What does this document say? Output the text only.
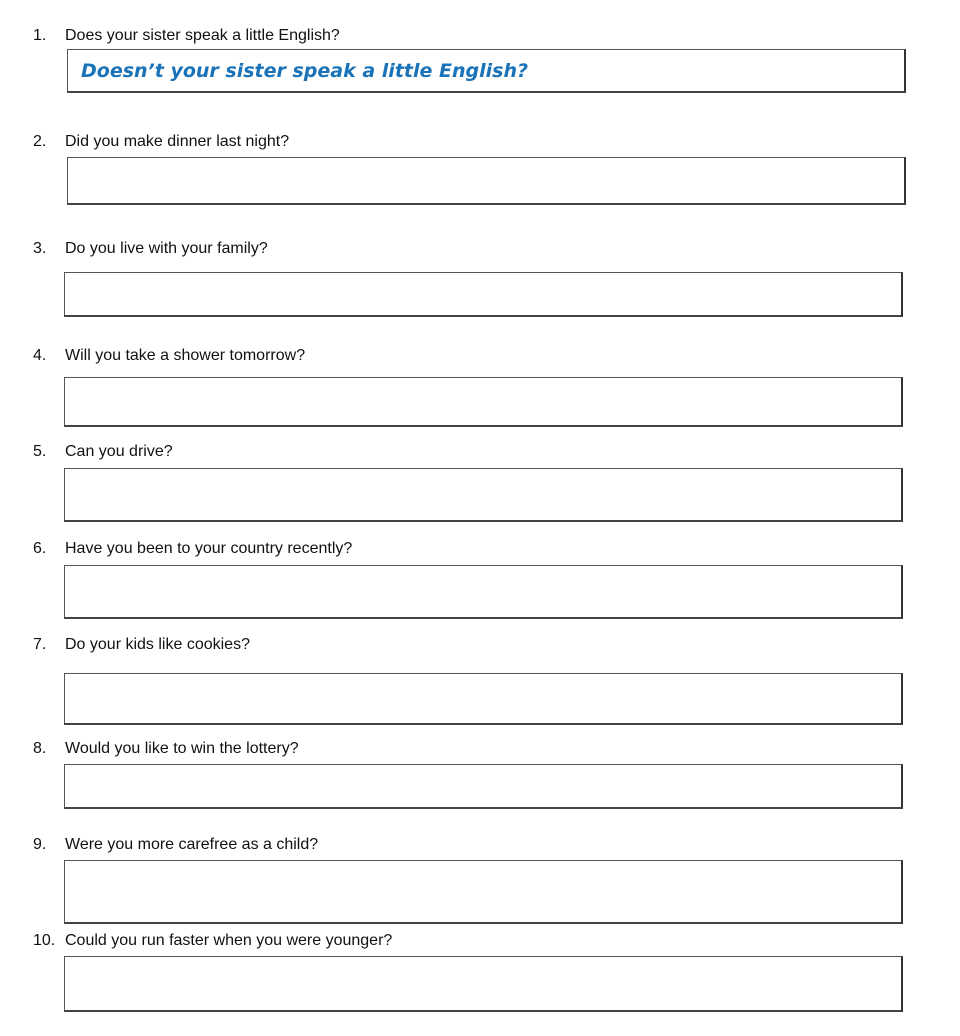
1. Does your sister speak a little English?
Doesn’t your sister speak a little English?
2. Did you make dinner last night?
3. Do you live with your family?
4. Will you take a shower tomorrow?
5. Can you drive?
6. Have you been to your country recently?
7. Do your kids like cookies?
8. Would you like to win the lottery?
9. Were you more carefree as a child?
10. Could you run faster when you were younger?
